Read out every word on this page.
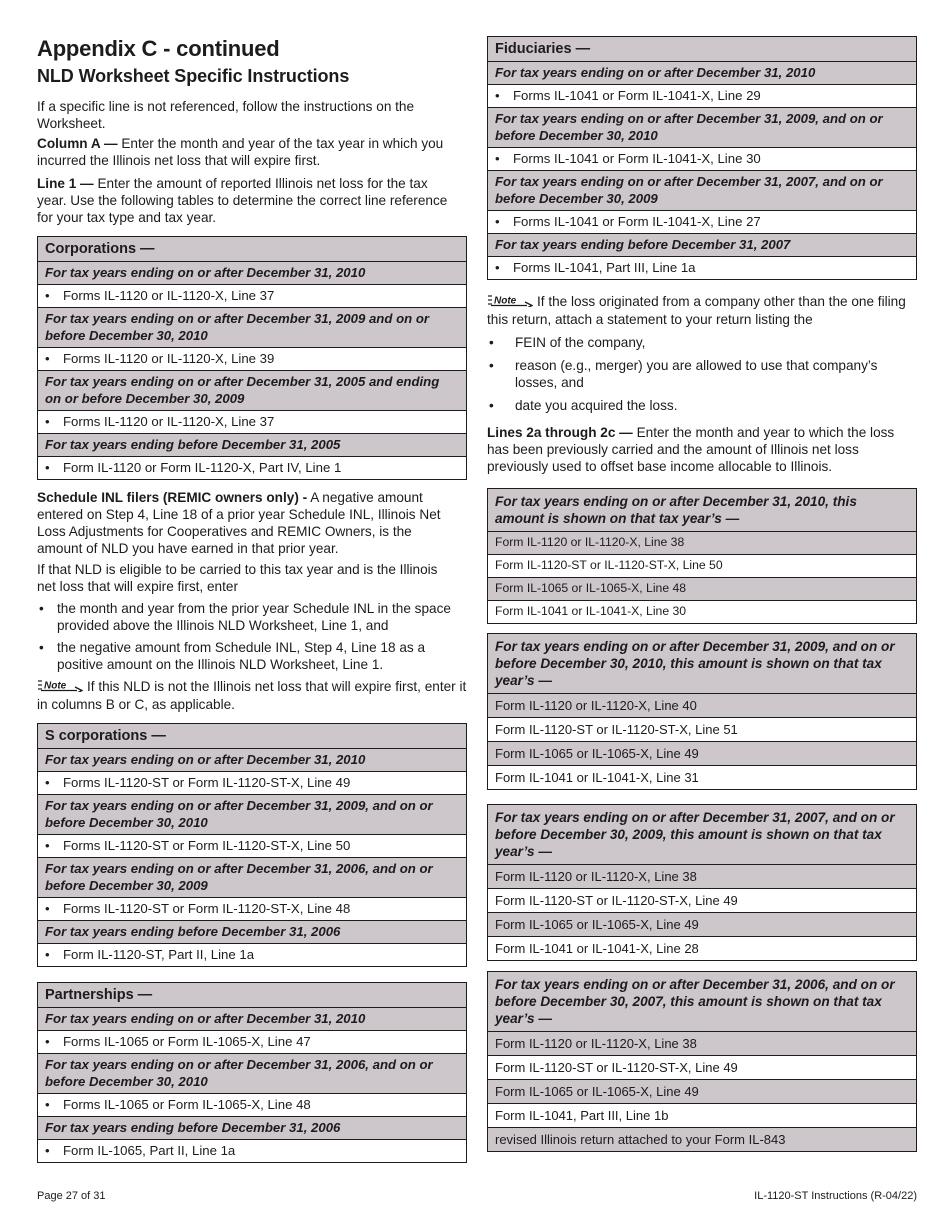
Appendix C - continued
NLD Worksheet Specific Instructions

If a specific line is not referenced, follow the instructions on the Worksheet.

Column A — Enter the month and year of the tax year in which you incurred the Illinois net loss that will expire first.

Line 1 — Enter the amount of reported Illinois net loss for the tax year. Use the following tables to determine the correct line reference for your tax type and tax year.

Corporations —
For tax years ending on or after December 31, 2010
• Forms IL-1120 or IL-1120-X, Line 37
For tax years ending on or after December 31, 2009 and on or before December 30, 2010
• Forms IL-1120 or IL-1120-X, Line 39
For tax years ending on or after December 31, 2005 and ending on or before December 30, 2009
• Forms IL-1120 or IL-1120-X, Line 37
For tax years ending before December 31, 2005
• Form IL-1120 or Form IL-1120-X, Part IV, Line 1

Schedule INL filers (REMIC owners only) - A negative amount entered on Step 4, Line 18 of a prior year Schedule INL, Illinois Net Loss Adjustments for Cooperatives and REMIC Owners, is the amount of NLD you have earned in that prior year.

If that NLD is eligible to be carried to this tax year and is the Illinois net loss that will expire first, enter

• the month and year from the prior year Schedule INL in the space provided above the Illinois NLD Worksheet, Line 1, and
• the negative amount from Schedule INL, Step 4, Line 18 as a positive amount on the Illinois NLD Worksheet, Line 1.

Note If this NLD is not the Illinois net loss that will expire first, enter it in columns B or C, as applicable.

S corporations —
For tax years ending on or after December 31, 2010
• Forms IL-1120-ST or Form IL-1120-ST-X, Line 49
For tax years ending on or after December 31, 2009, and on or before December 30, 2010
• Forms IL-1120-ST or Form IL-1120-ST-X, Line 50
For tax years ending on or after December 31, 2006, and on or before December 30, 2009
• Forms IL-1120-ST or Form IL-1120-ST-X, Line 48
For tax years ending before December 31, 2006
• Form IL-1120-ST, Part II, Line 1a
Partnerships —
For tax years ending on or after December 31, 2010
• Forms IL-1065 or Form IL-1065-X, Line 47
For tax years ending on or after December 31, 2006, and on or before December 30, 2010
• Forms IL-1065 or Form IL-1065-X, Line 48
For tax years ending before December 31, 2006
• Form IL-1065, Part II, Line 1a
Page 27 of 31
Fiduciaries —
For tax years ending on or after December 31, 2010
• Forms IL-1041 or Form IL-1041-X, Line 29
For tax years ending on or after December 31, 2009, and on or before December 30, 2010
• Forms IL-1041 or Form IL-1041-X, Line 30
For tax years ending on or after December 31, 2007, and on or before December 30, 2009
• Forms IL-1041 or Form IL-1041-X, Line 27
For tax years ending before December 31, 2007
• Forms IL-1041, Part III, Line 1a

Note If the loss originated from a company other than the one filing this return, attach a statement to your return listing the

• FEIN of the company,
• reason (e.g., merger) you are allowed to use that company’s losses, and
• date you acquired the loss.

Lines 2a through 2c — Enter the month and year to which the loss has been previously carried and the amount of Illinois net loss previously used to offset base income allocable to Illinois.

For tax years ending on or after December 31, 2010, this amount is shown on that tax year’s —
Form IL-1120 or IL-1120-X, Line 38
Form IL-1120-ST or IL-1120-ST-X, Line 50
Form IL-1065 or IL-1065-X, Line 48
Form IL-1041 or IL-1041-X, Line 30
For tax years ending on or after December 31, 2009, and on or before December 30, 2010, this amount is shown on that tax year’s —
Form IL-1120 or IL-1120-X, Line 40
Form IL-1120-ST or IL-1120-ST-X, Line 51
Form IL-1065 or IL-1065-X, Line 49
Form IL-1041 or IL-1041-X, Line 31
For tax years ending on or after December 31, 2007, and on or before December 30, 2009, this amount is shown on that tax year’s —
Form IL-1120 or IL-1120-X, Line 38
Form IL-1120-ST or IL-1120-ST-X, Line 49
Form IL-1065 or IL-1065-X, Line 49
Form IL-1041 or IL-1041-X, Line 28
For tax years ending on or after December 31, 2006, and on or before December 30, 2007, this amount is shown on that tax year’s —
Form IL-1120 or IL-1120-X, Line 38
Form IL-1120-ST or IL-1120-ST-X, Line 49
Form IL-1065 or IL-1065-X, Line 49
Form IL-1041, Part III, Line 1b
revised Illinois return attached to your Form IL-843
IL-1120-ST Instructions (R-04/22)
